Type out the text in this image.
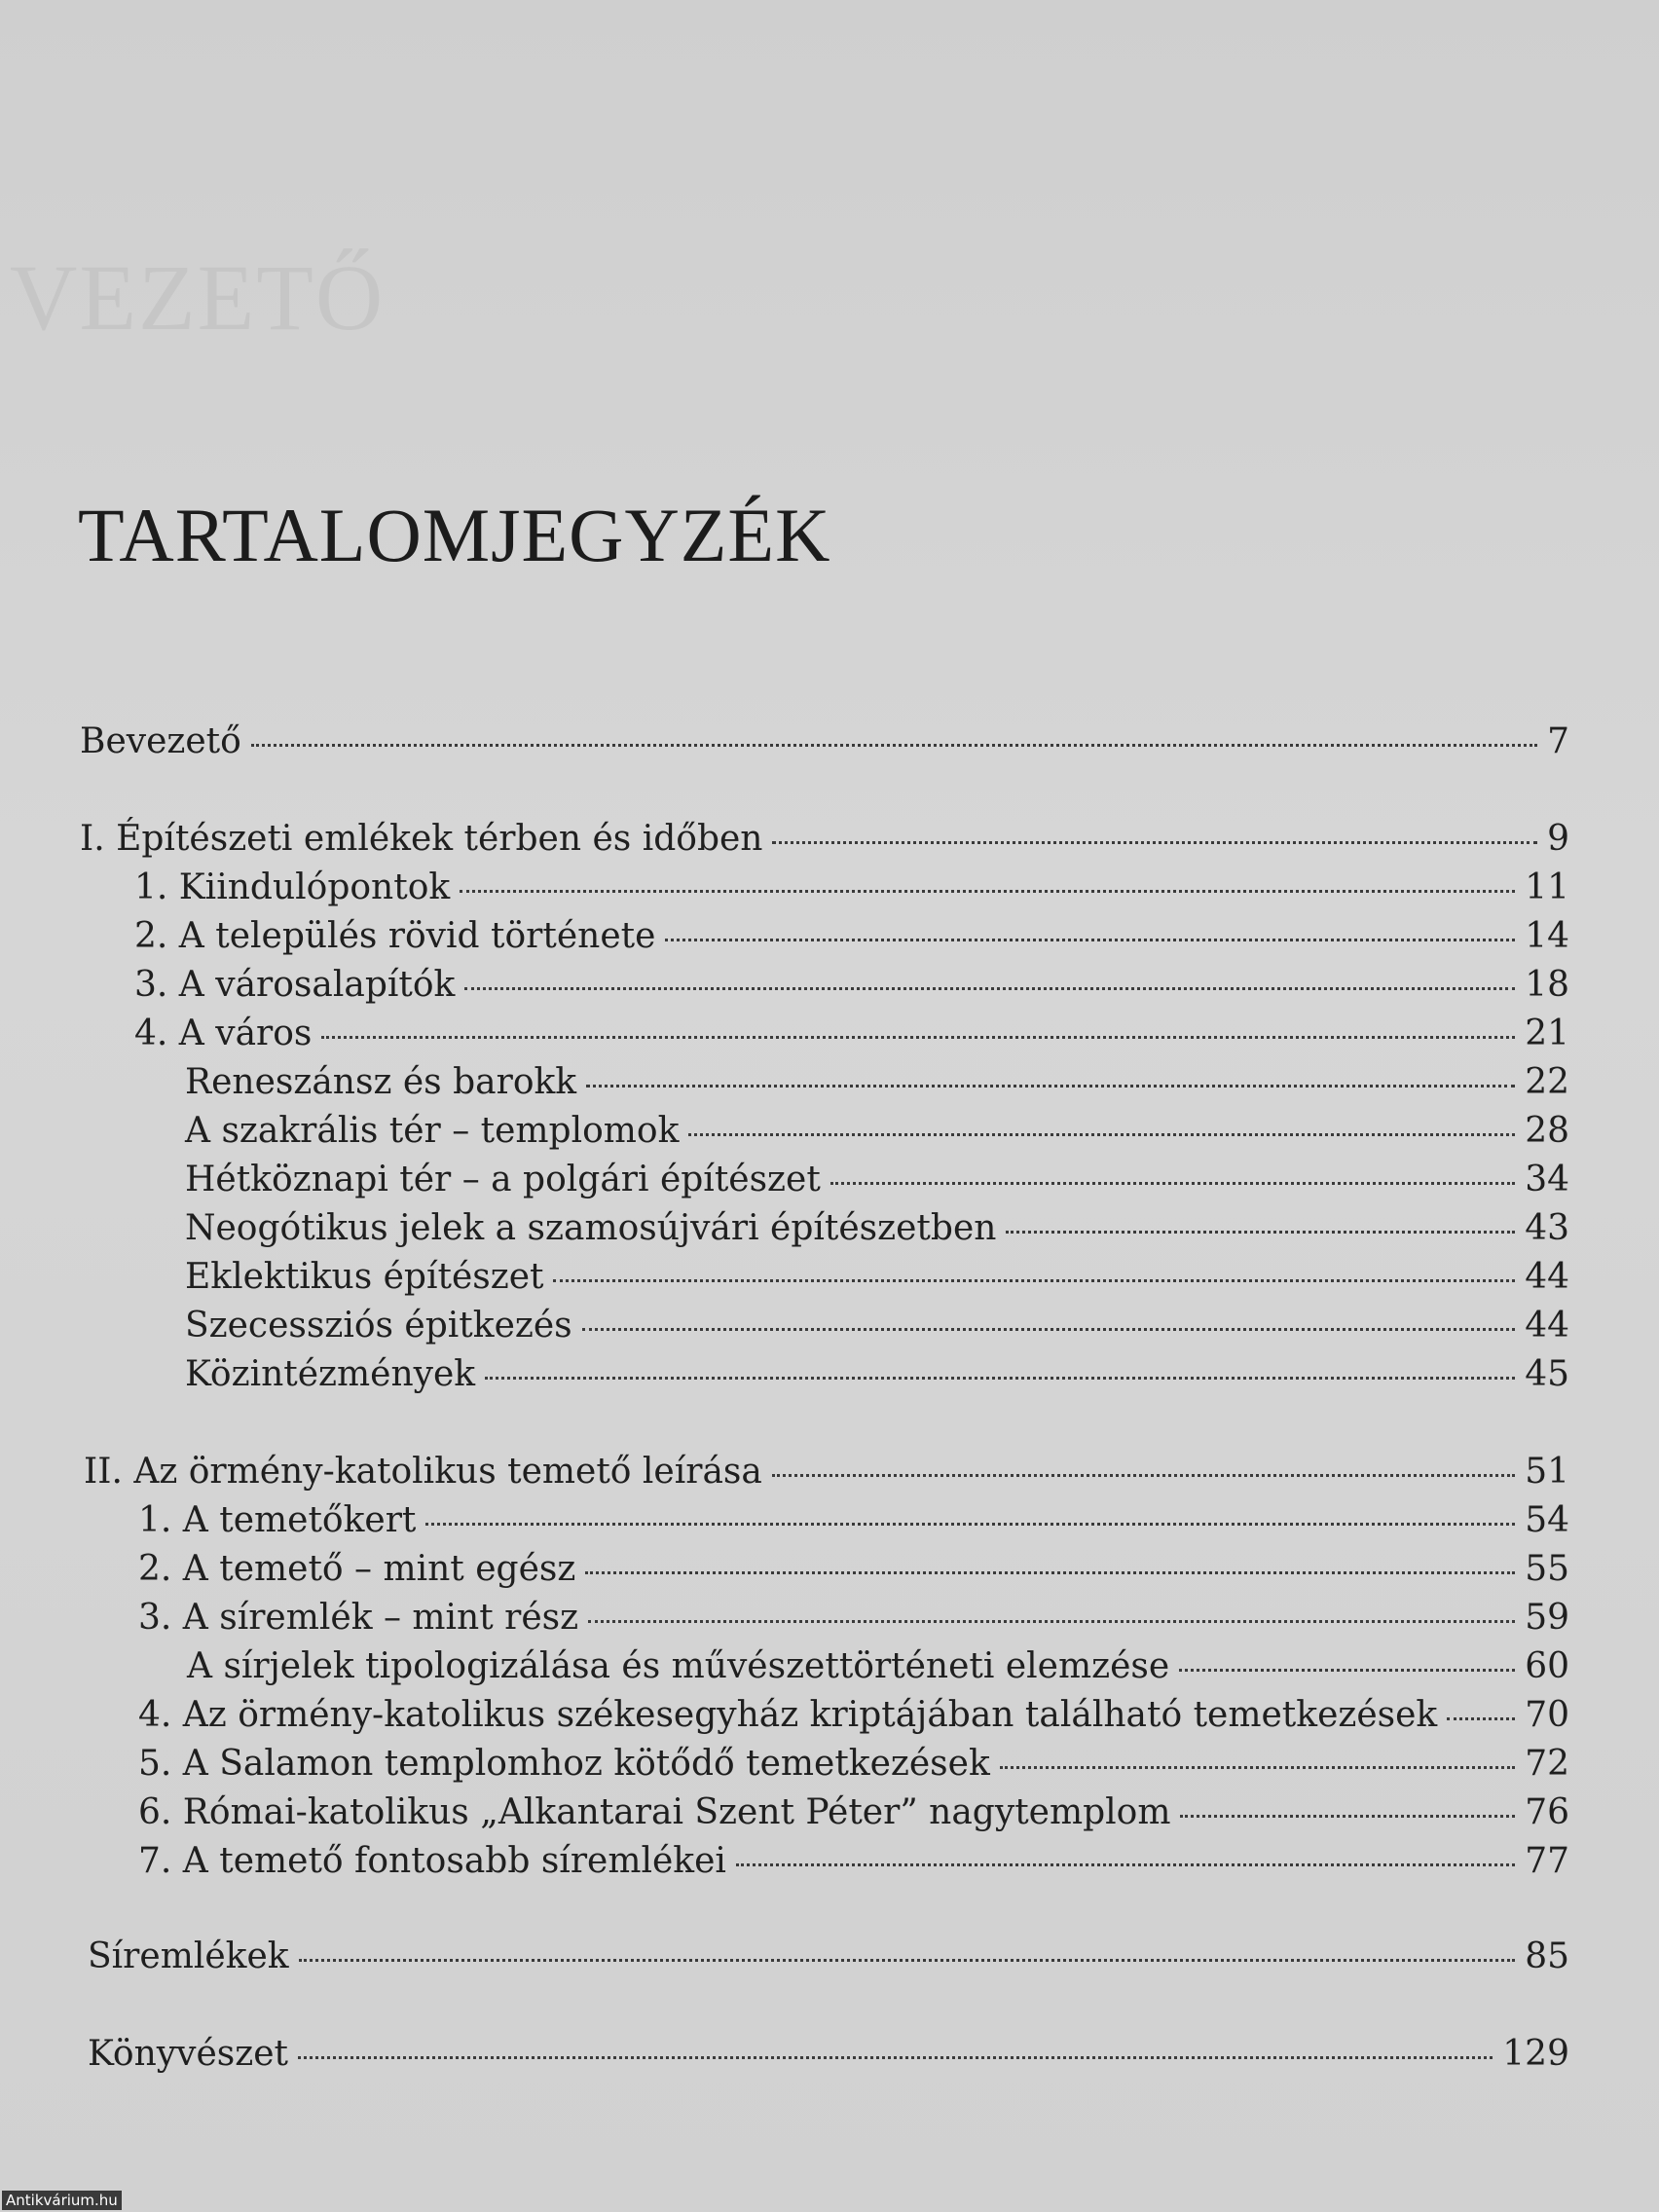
VEZETŐ
TARTALOMJEGYZÉK
Bevezető	7
I. Építészeti emlékek térben és időben	9
1. Kiindulópontok	11
2. A település rövid története	14
3. A városalapítók	18
4. A város	21
Reneszánsz és barokk	22
A szakrális tér – templomok	28
Hétköznapi tér – a polgári építészet	34
Neogótikus jelek a szamosújvári építészetben	43
Eklektikus építészet	44
Szecessziós épitkezés	44
Közintézmények	45
II. Az örmény-katolikus temető leírása	51
1. A temetőkert	54
2. A temető – mint egész	55
3. A síremlék – mint rész	59
A sírjelek tipologizálása és művészettörténeti elemzése	60
4. Az örmény-katolikus székesegyház kriptájában található temetkezések 70
5. A Salamon templomhoz kötődő temetkezések	72
6. Római-katolikus „Alkantarai Szent Péter” nagytemplom	76
7. A temető fontosabb síremlékei	77
Síremlékek	85
Könyvészet	129
Antikvárium.hu
